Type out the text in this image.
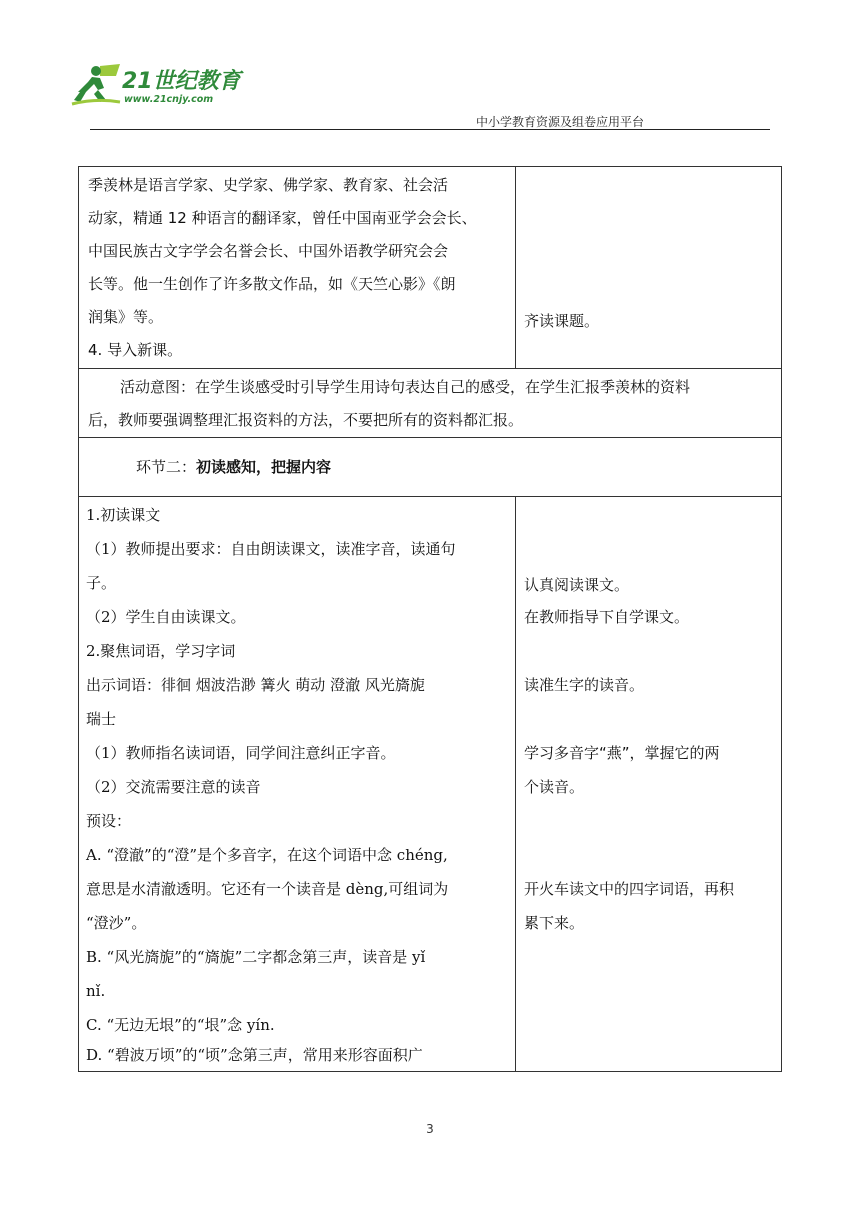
21世纪教育
www.21cnjy.com
中小学教育资源及组卷应用平台
季羡林是语言学家、史学家、佛学家、教育家、社会活
动家，精通 12 种语言的翻译家，曾任中国南亚学会会长、
中国民族古文字学会名誉会长、中国外语教学研究会会
长等。他一生创作了许多散文作品，如《天竺心影》《朗
润集》等。
4. 导入新课。
齐读课题。
活动意图：在学生谈感受时引导学生用诗句表达自己的感受，在学生汇报季羡林的资料
后，教师要强调整理汇报资料的方法，不要把所有的资料都汇报。
环节二：初读感知，把握内容
1.初读课文
（1）教师提出要求：自由朗读课文，读准字音，读通句
子。
（2）学生自由读课文。
2.聚焦词语，学习字词
出示词语：徘徊 烟波浩渺 篝火 萌动 澄澈 风光旖旎
瑞士
（1）教师指名读词语，同学间注意纠正字音。
（2）交流需要注意的读音
预设：
A. “澄澈”的“澄”是个多音字，在这个词语中念 chéng,
意思是水清澈透明。它还有一个读音是 dèng,可组词为
“澄沙”。
B. “风光旖旎”的“旖旎”二字都念第三声，读音是 yǐ
nǐ.
C. “无边无垠”的“垠”念 yín.
D. “碧波万顷”的“顷”念第三声，常用来形容面积广
认真阅读课文。
在教师指导下自学课文。
读准生字的读音。
学习多音字“燕”，掌握它的两
个读音。
开火车读文中的四字词语，再积
累下来。
3
